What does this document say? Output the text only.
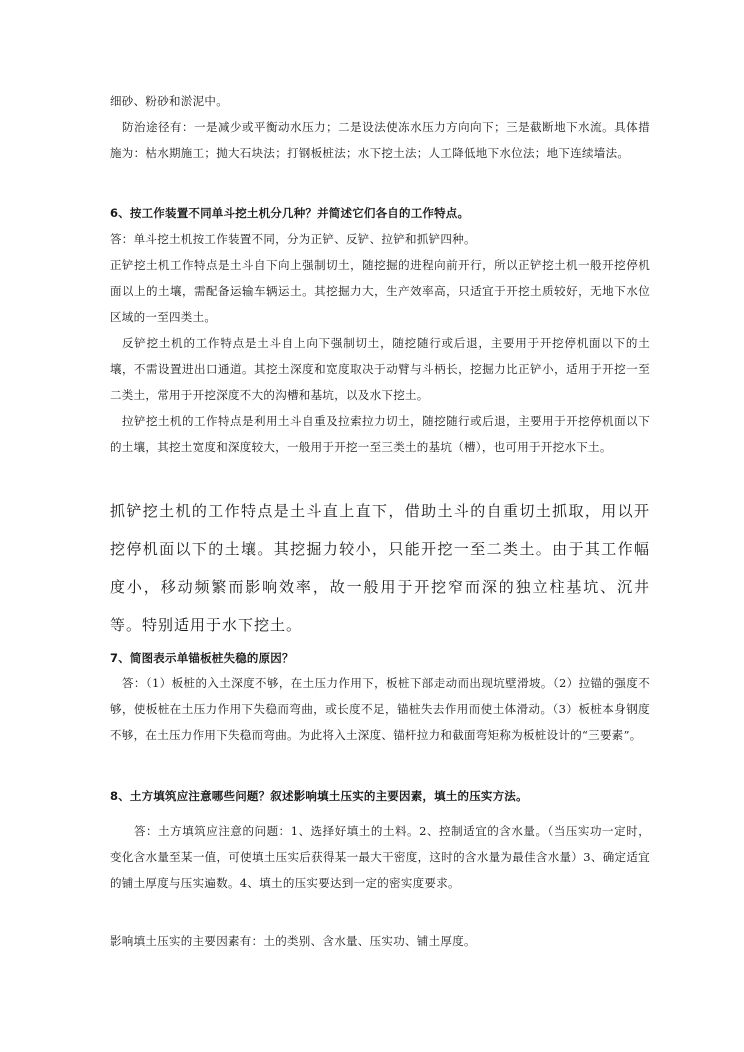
细砂、粉砂和淤泥中。

防治途径有：一是减少或平衡动水压力；二是设法使冻水压力方向向下；三是截断地下水流。具体措施为：枯水期施工；抛大石块法；打钢板桩法；水下挖土法；人工降低地下水位法；地下连续墙法。

6、按工作装置不同单斗挖土机分几种？并简述它们各自的工作特点。

答：单斗挖土机按工作装置不同，分为正铲、反铲、拉铲和抓铲四种。

正铲挖土机工作特点是土斗自下向上强制切土，随挖掘的进程向前开行，所以正铲挖土机一般开挖停机面以上的土壤，需配备运输车辆运土。其挖掘力大，生产效率高，只适宜于开挖土质较好，无地下水位区域的一至四类土。

反铲挖土机的工作特点是土斗自上向下强制切土，随挖随行或后退，主要用于开挖停机面以下的土壤，不需设置进出口通道。其挖土深度和宽度取决于动臂与斗柄长，挖掘力比正铲小，适用于开挖一至二类土，常用于开挖深度不大的沟槽和基坑，以及水下挖土。

拉铲挖土机的工作特点是利用土斗自重及拉索拉力切土，随挖随行或后退，主要用于开挖停机面以下的土壤，其挖土宽度和深度较大，一般用于开挖一至三类土的基坑（槽），也可用于开挖水下土。

抓铲挖土机的工作特点是土斗直上直下，借助土斗的自重切土抓取，用以开挖停机面以下的土壤。其挖掘力较小，只能开挖一至二类土。由于其工作幅度小，移动频繁而影响效率，故一般用于开挖窄而深的独立柱基坑、沉井等。特别适用于水下挖土。

7、简图表示单锚板桩失稳的原因？

答：（1）板桩的入土深度不够，在土压力作用下，板桩下部走动而出现坑壁滑坡。（2）拉锚的强度不够，使板桩在土压力作用下失稳而弯曲，或长度不足，锚桩失去作用而使土体滑动。（3）板桩本身钢度不够，在土压力作用下失稳而弯曲。为此将入土深度、锚杆拉力和截面弯矩称为板桩设计的“三要素”。

8、土方填筑应注意哪些问题？叙述影响填土压实的主要因素，填土的压实方法。

答：土方填筑应注意的问题：1、选择好填土的土料。2、控制适宜的含水量。（当压实功一定时，变化含水量至某一值，可使填土压实后获得某一最大干密度，这时的含水量为最佳含水量）3、确定适宜的铺土厚度与压实遍数。4、填土的压实要达到一定的密实度要求。

影响填土压实的主要因素有：土的类别、含水量、压实功、铺土厚度。
